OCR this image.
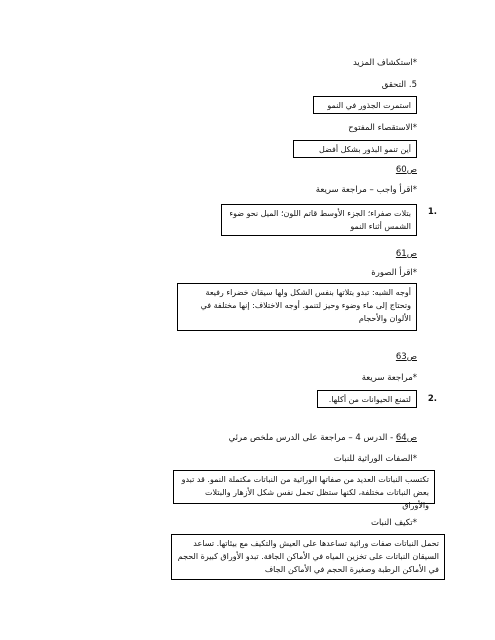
*استكشاف المزيد
5. التحقق
استمرت الجذور في النمو
*الاستقصاء المفتوح
أين تنمو البذور بشكل أفضل
ص60
*اقرأ واجب – مراجعة سريعة
.1
بتلات صفراء؛ الجزء الأوسط قاتم اللون؛ الميل نحو ضوء الشمس أثناء النمو
ص61
*اقرأ الصورة
أوجه الشبه: تبدو بتلاتها بنفس الشكل ولها سيقان خضراء رفيعة وتحتاج إلى ماء وضوء وحيز لتنمو. أوجه الاختلاف: إنها مختلفة في الألوان والأحجام
ص63
*مراجعة سريعة
.2
لتمنع الحيوانات من أكلها.
ص64 - الدرس 4 – مراجعة على الدرس ملخص مرئي
*الصفات الوراثية للنبات
تكتسب النباتات العديد من صفاتها الوراثية من النباتات مكتملة النمو. قد تبدو بعض النباتات مختلفة، لكنها ستظل تحمل نفس شكل الأزهار والبتلات والأوراق
*تكيف النبات
تحمل النباتات صفات وراثية تساعدها على العيش والتكيف مع بيئاتها. تساعد السيقان النباتات على تخزين المياه في الأماكن الجافة. تبدو الأوراق كبيرة الحجم في الأماكن الرطبة وصغيرة الحجم في الأماكن الجاف
